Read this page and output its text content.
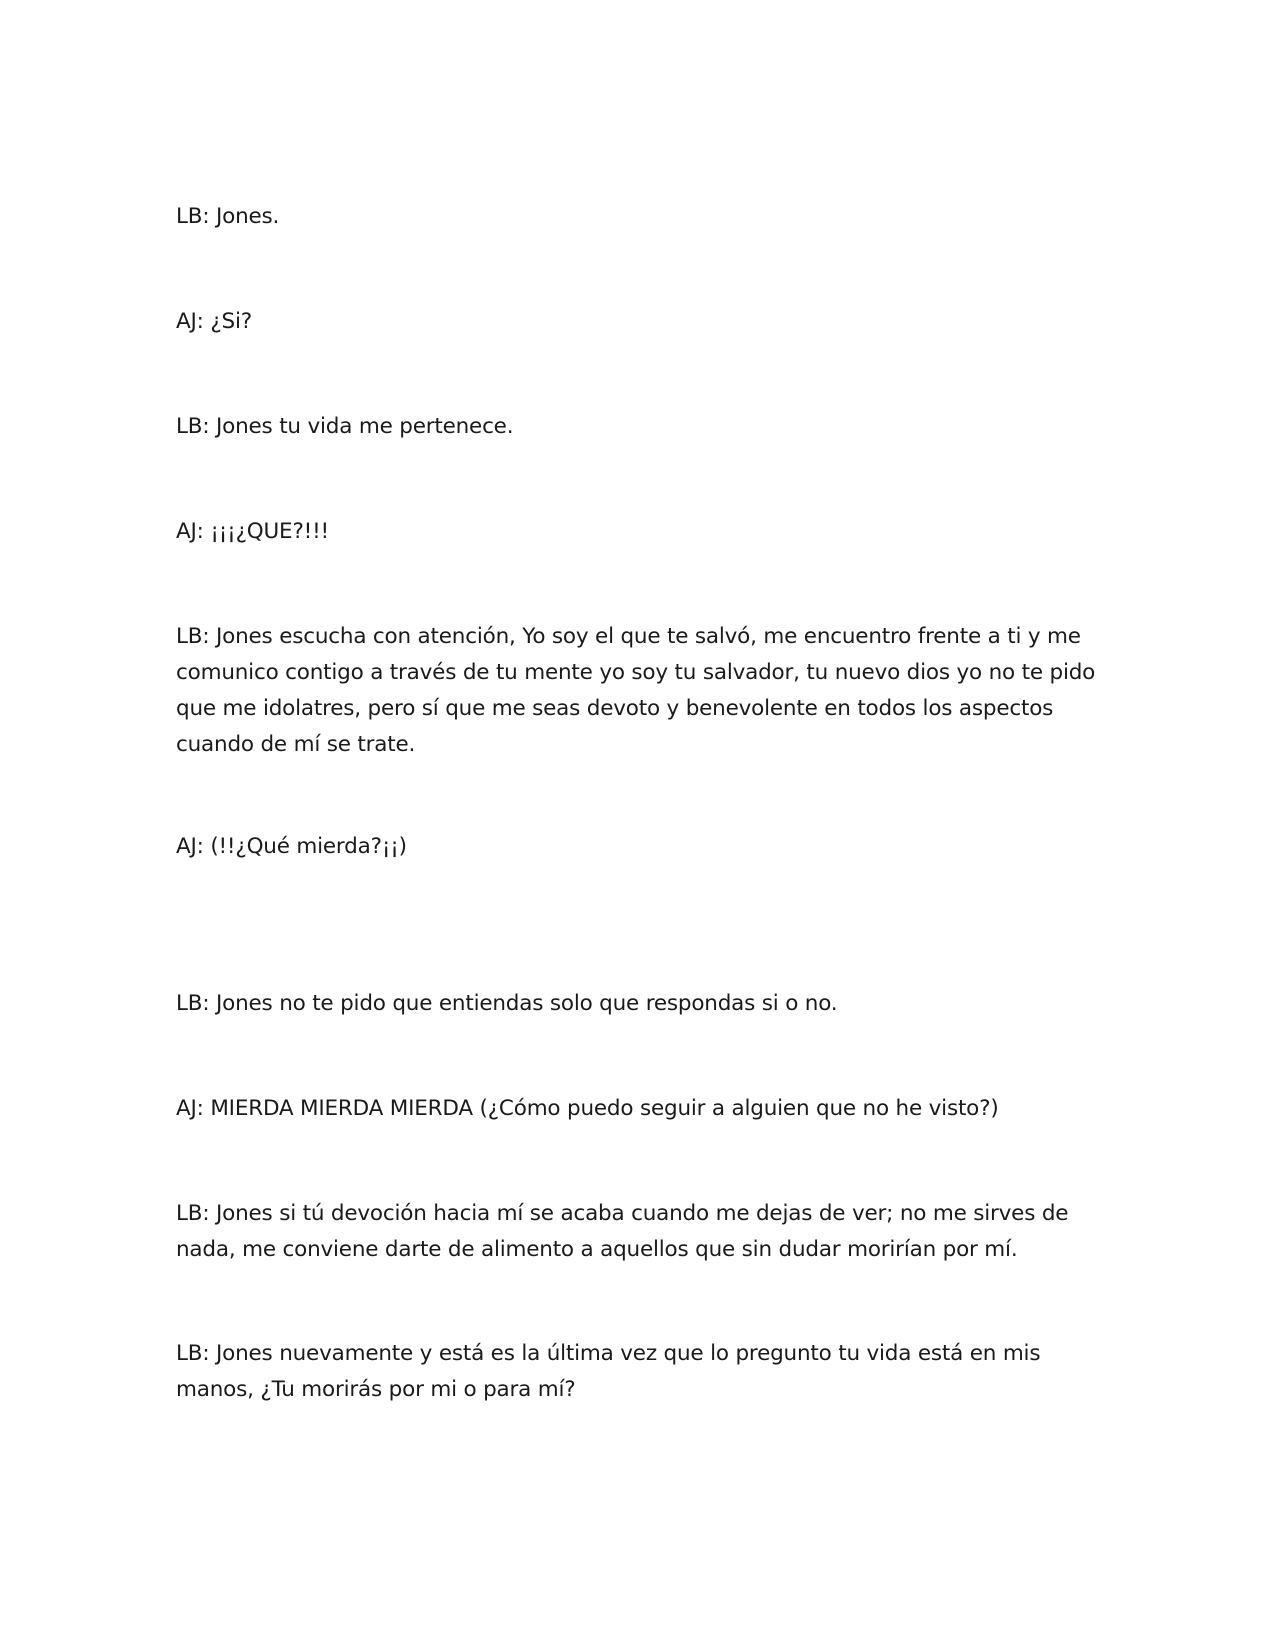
LB: Jones.

AJ: ¿Si?

LB: Jones tu vida me pertenece.

AJ: ¡¡¡¿QUE?!!!

LB: Jones escucha con atención, Yo soy el que te salvó, me encuentro frente a ti y me comunico contigo a través de tu mente yo soy tu salvador, tu nuevo dios yo no te pido que me idolatres, pero sí que me seas devoto y benevolente en todos los aspectos cuando de mí se trate.

AJ: (!!¿Qué mierda?¡¡)

LB: Jones no te pido que entiendas solo que respondas si o no.

AJ: MIERDA MIERDA MIERDA (¿Cómo puedo seguir a alguien que no he visto?)

LB: Jones si tú devoción hacia mí se acaba cuando me dejas de ver; no me sirves de nada, me conviene darte de alimento a aquellos que sin dudar morirían por mí.

LB: Jones nuevamente y está es la última vez que lo pregunto tu vida está en mis manos, ¿Tu morirás por mi o para mí?
